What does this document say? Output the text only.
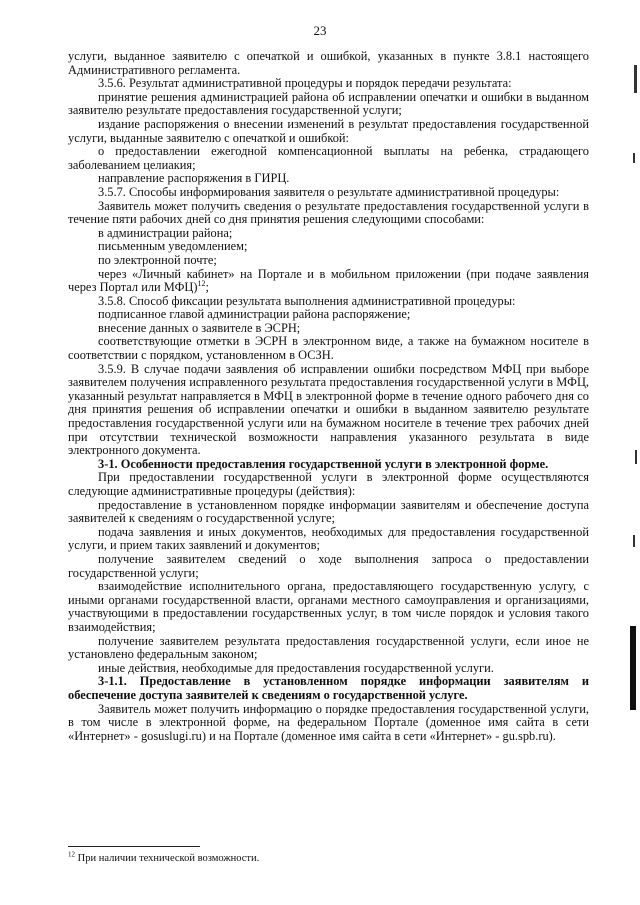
23

услуги, выданное заявителю с опечаткой и ошибкой, указанных в пункте 3.8.1 настоящего Административного регламента.

3.5.6. Результат административной процедуры и порядок передачи результата:

принятие решения администрацией района об исправлении опечатки и ошибки в выданном заявителю результате предоставления государственной услуги;

издание распоряжения о внесении изменений в результат предоставления государственной услуги, выданные заявителю с опечаткой и ошибкой:

о предоставлении ежегодной компенсационной выплаты на ребенка, страдающего заболеванием целиакия;

направление распоряжения в ГИРЦ.

3.5.7. Способы информирования заявителя о результате административной процедуры:

Заявитель может получить сведения о результате предоставления государственной услуги в течение пяти рабочих дней со дня принятия решения следующими способами:

в администрации района;

письменным уведомлением;

по электронной почте;

через «Личный кабинет» на Портале и в мобильном приложении (при подаче заявления через Портал или МФЦ)$^{12}$;

3.5.8. Способ фиксации результата выполнения административной процедуры:

подписанное главой администрации района распоряжение;

внесение данных о заявителе в ЭСРН;

соответствующие отметки в ЭСРН в электронном виде, а также на бумажном носителе в соответствии с порядком, установленном в ОСЗН.

3.5.9. В случае подачи заявления об исправлении ошибки посредством МФЦ при выборе заявителем получения исправленного результата предоставления государственной услуги в МФЦ, указанный результат направляется в МФЦ в электронной форме в течение одного рабочего дня со дня принятия решения об исправлении опечатки и ошибки в выданном заявителю результате предоставления государственной услуги или на бумажном носителе в течение трех рабочих дней при отсутствии технической возможности направления указанного результата в виде электронного документа.

3-1. Особенности предоставления государственной услуги в электронной форме.

При предоставлении государственной услуги в электронной форме осуществляются следующие административные процедуры (действия):

предоставление в установленном порядке информации заявителям и обеспечение доступа заявителей к сведениям о государственной услуге;

подача заявления и иных документов, необходимых для предоставления государственной услуги, и прием таких заявлений и документов;

получение заявителем сведений о ходе выполнения запроса о предоставлении государственной услуги;

взаимодействие исполнительного органа, предоставляющего государственную услугу, с иными органами государственной власти, органами местного самоуправления и организациями, участвующими в предоставлении государственных услуг, в том числе порядок и условия такого взаимодействия;

получение заявителем результата предоставления государственной услуги, если иное не установлено федеральным законом;

иные действия, необходимые для предоставления государственной услуги.

3-1.1. Предоставление в установленном порядке информации заявителям и обеспечение доступа заявителей к сведениям о государственной услуге.

Заявитель может получить информацию о порядке предоставления государственной услуги, в том числе в электронной форме, на федеральном Портале (доменное имя сайта в сети «Интернет» - gosuslugi.ru) и на Портале (доменное имя сайта в сети «Интернет» - gu.spb.ru).

$^{12}$ При наличии технической возможности.
